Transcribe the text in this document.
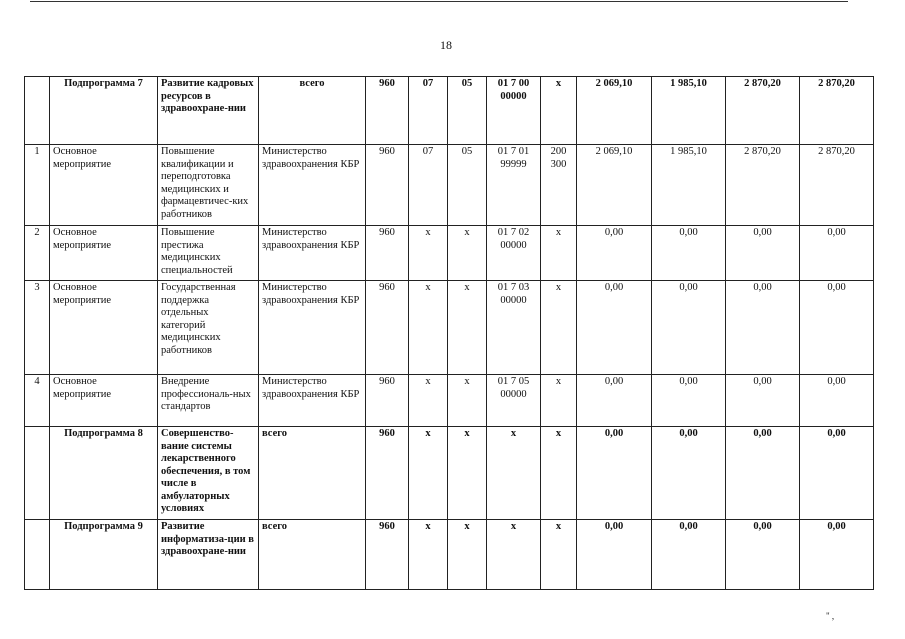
18
	Подпрограмма 7	Развитие кадровых ресурсов в здравоохране-нии	всего	960	07	05	01 7 00 00000	х	2 069,10	1 985,10	2 870,20	2 870,20
1	Основное мероприятие	Повышение квалификации и переподготовка медицинских и фармацевтичес-ких работников	Министерство здравоохранения КБР	960	07	05	01 7 01 99999	200 300	2 069,10	1 985,10	2 870,20	2 870,20
2	Основное мероприятие	Повышение престижа медицинских специальностей	Министерство здравоохранения КБР	960	х	х	01 7 02 00000	х	0,00	0,00	0,00	0,00
3	Основное мероприятие	Государственная поддержка отдельных категорий медицинских работников	Министерство здравоохранения КБР	960	х	х	01 7 03 00000	х	0,00	0,00	0,00	0,00
4	Основное мероприятие	Внедрение профессиональ-ных стандартов	Министерство здравоохранения КБР	960	х	х	01 7 05 00000	х	0,00	0,00	0,00	0,00
	Подпрограмма 8	Совершенство-вание системы лекарственного обеспечения, в том числе в амбулаторных условиях	всего	960	х	х	х	х	0,00	0,00	0,00	0,00
	Подпрограмма 9	Развитие информатиза-ции в здравоохране-нии	всего	960	х	х	х	х	0,00	0,00	0,00	0,00
" ,
